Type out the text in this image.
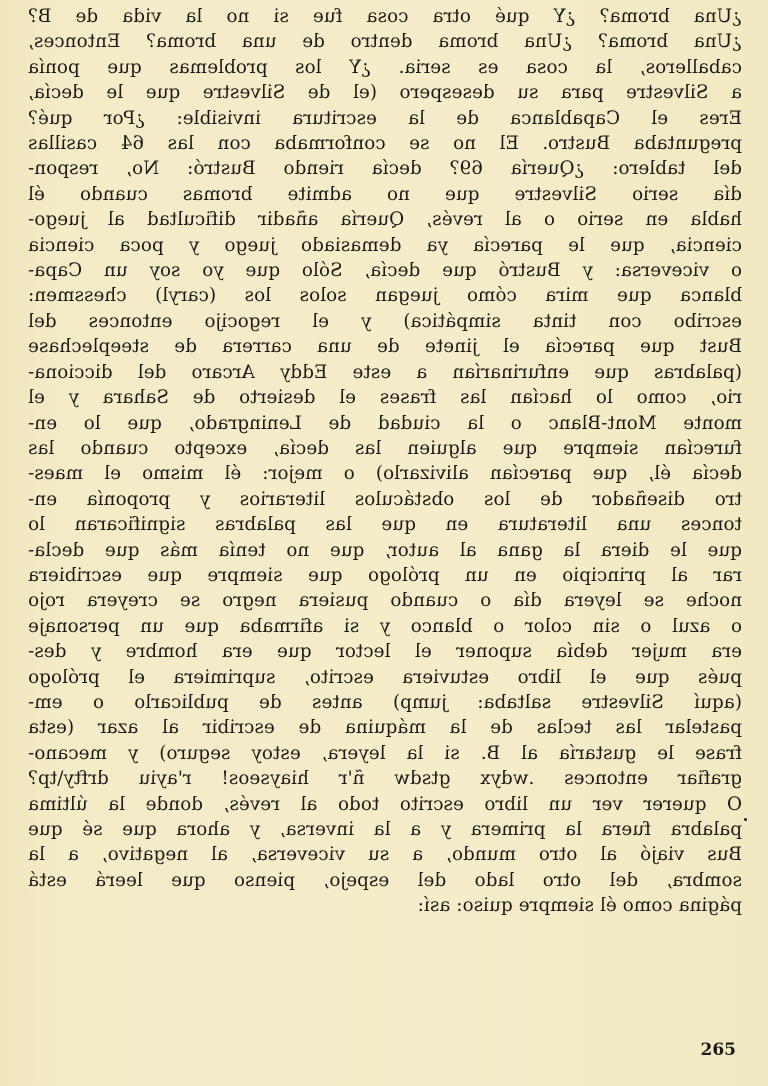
¿Una broma? ¿Y qué otra cosa fue si no la vida de B?
¿Una broma? ¿Una broma dentro de una broma? Entonces,
caballeros, la cosa es seria. ¿Y los problemas que ponía
a Silvestre para su desespero (el de Silvestre que le decía,
Eres el Capablanca de la escritura invisible: ¿Por qué?
preguntaba Bustro. El no se conformaba con las 64 casillas
del tablero: ¿Quería 69? decía riendo Bustró: No, respon-
día serio Silvestre que no admite bromas cuando él
habla en serio o al revés, Quería añadir dificultad al juego-
ciencia, que le parecía ya demasiado juego y poca ciencia
o viceversa: y Bustró que decía, Sólo que yo soy un Capa-
blanca que mira cómo juegan solos los (caryl) chessmen:
escribo con tinta simpática) y el regocijo entonces del
Bust que parecía el jinete de una carrera de steeplechase
(palabras que enfurinarían a este Eddy Arcaro del dicciona-
rio, como lo hacían las frases el desierto de Sahara y el
monte Mont-Blanc o la ciudad de Leningrado, que lo en-
furecían siempre que alguien las decía, excepto cuando las
decía él, que parecían alivizarlo) o mejor: él mismo el maes-
tro diseñador de los obstáculos literarios y proponía en-
tonces una literatura en que las palabras significaran lo
que le diera la gana al autor, que no tenía más que decla-
rar al principio en un prólogo que siempre que escribiera
noche se leyera día o cuando pusiera negro se creyera rojo
o azul o sin color o blanco y si afirmaba que un personaje
era mujer debía suponer el lector que era hombre y des-
pués que el libro estuviera escrito, suprimiera el prólogo
(aquí Silvestre saltaba: jump) antes de publicarlo o em-
pastelar las teclas de la máquina de escribir al azar (esta
frase le gustaría al B. si la leyera, estoy seguro) y mecano-
grafiar entonces .wdyx gtsdw ñ'r hiayseos! r'ayiu drfty\tp?
O querer ver un libro escrito todo al revés, donde la última
palabra fuera la primera y a la inversa, y ahora que sé que
Bus viajó al otro mundo, a su viceversa, al negativo, a la
sombra, del otro lado del espejo, pienso que leerá está
página como él siempre quiso: así:
265
